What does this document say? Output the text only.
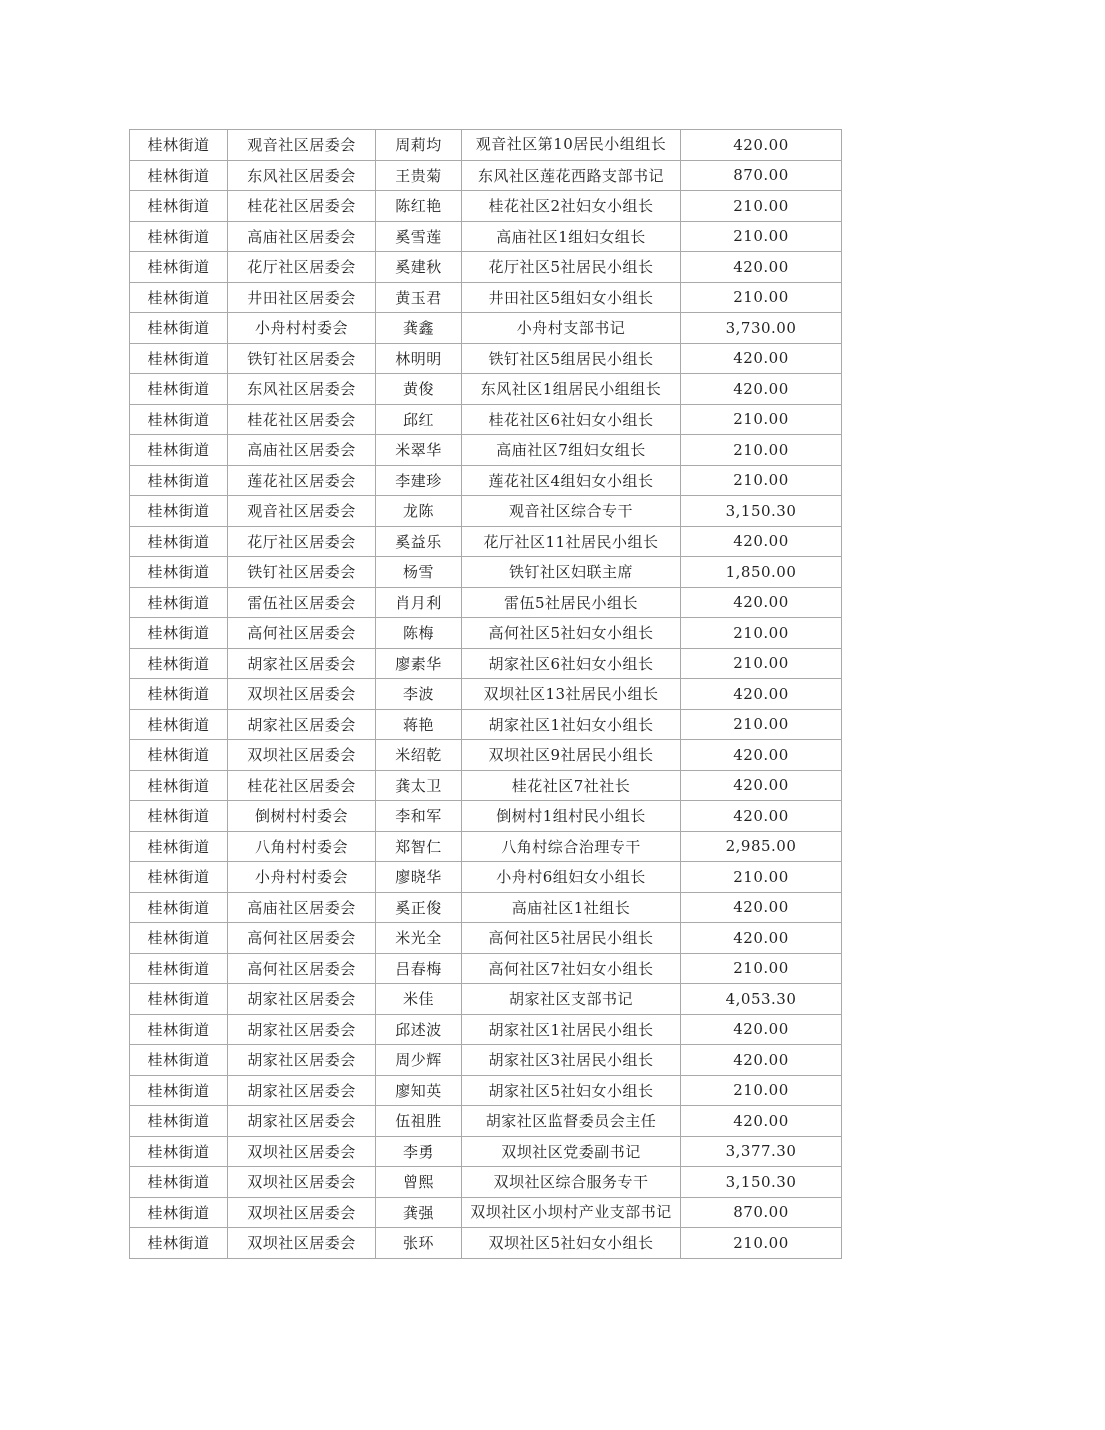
桂林街道	观音社区居委会	周莉均	观音社区第10居民小组组长	420.00
桂林街道	东风社区居委会	王贵菊	东风社区莲花西路支部书记	870.00
桂林街道	桂花社区居委会	陈红艳	桂花社区2社妇女小组长	210.00
桂林街道	高庙社区居委会	奚雪莲	高庙社区1组妇女组长	210.00
桂林街道	花厅社区居委会	奚建秋	花厅社区5社居民小组长	420.00
桂林街道	井田社区居委会	黄玉君	井田社区5组妇女小组长	210.00
桂林街道	小舟村村委会	龚鑫	小舟村支部书记	3,730.00
桂林街道	铁钉社区居委会	林明明	铁钉社区5组居民小组长	420.00
桂林街道	东风社区居委会	黄俊	东风社区1组居民小组组长	420.00
桂林街道	桂花社区居委会	邱红	桂花社区6社妇女小组长	210.00
桂林街道	高庙社区居委会	米翠华	高庙社区7组妇女组长	210.00
桂林街道	莲花社区居委会	李建珍	莲花社区4组妇女小组长	210.00
桂林街道	观音社区居委会	龙陈	观音社区综合专干	3,150.30
桂林街道	花厅社区居委会	奚益乐	花厅社区11社居民小组长	420.00
桂林街道	铁钉社区居委会	杨雪	铁钉社区妇联主席	1,850.00
桂林街道	雷伍社区居委会	肖月利	雷伍5社居民小组长	420.00
桂林街道	高何社区居委会	陈梅	高何社区5社妇女小组长	210.00
桂林街道	胡家社区居委会	廖素华	胡家社区6社妇女小组长	210.00
桂林街道	双坝社区居委会	李波	双坝社区13社居民小组长	420.00
桂林街道	胡家社区居委会	蒋艳	胡家社区1社妇女小组长	210.00
桂林街道	双坝社区居委会	米绍乾	双坝社区9社居民小组长	420.00
桂林街道	桂花社区居委会	龚太卫	桂花社区7社社长	420.00
桂林街道	倒树村村委会	李和军	倒树村1组村民小组长	420.00
桂林街道	八角村村委会	郑智仁	八角村综合治理专干	2,985.00
桂林街道	小舟村村委会	廖晓华	小舟村6组妇女小组长	210.00
桂林街道	高庙社区居委会	奚正俊	高庙社区1社组长	420.00
桂林街道	高何社区居委会	米光全	高何社区5社居民小组长	420.00
桂林街道	高何社区居委会	吕春梅	高何社区7社妇女小组长	210.00
桂林街道	胡家社区居委会	米佳	胡家社区支部书记	4,053.30
桂林街道	胡家社区居委会	邱述波	胡家社区1社居民小组长	420.00
桂林街道	胡家社区居委会	周少辉	胡家社区3社居民小组长	420.00
桂林街道	胡家社区居委会	廖知英	胡家社区5社妇女小组长	210.00
桂林街道	胡家社区居委会	伍祖胜	胡家社区监督委员会主任	420.00
桂林街道	双坝社区居委会	李勇	双坝社区党委副书记	3,377.30
桂林街道	双坝社区居委会	曾熙	双坝社区综合服务专干	3,150.30
桂林街道	双坝社区居委会	龚强	双坝社区小坝村产业支部书记	870.00
桂林街道	双坝社区居委会	张环	双坝社区5社妇女小组长	210.00
